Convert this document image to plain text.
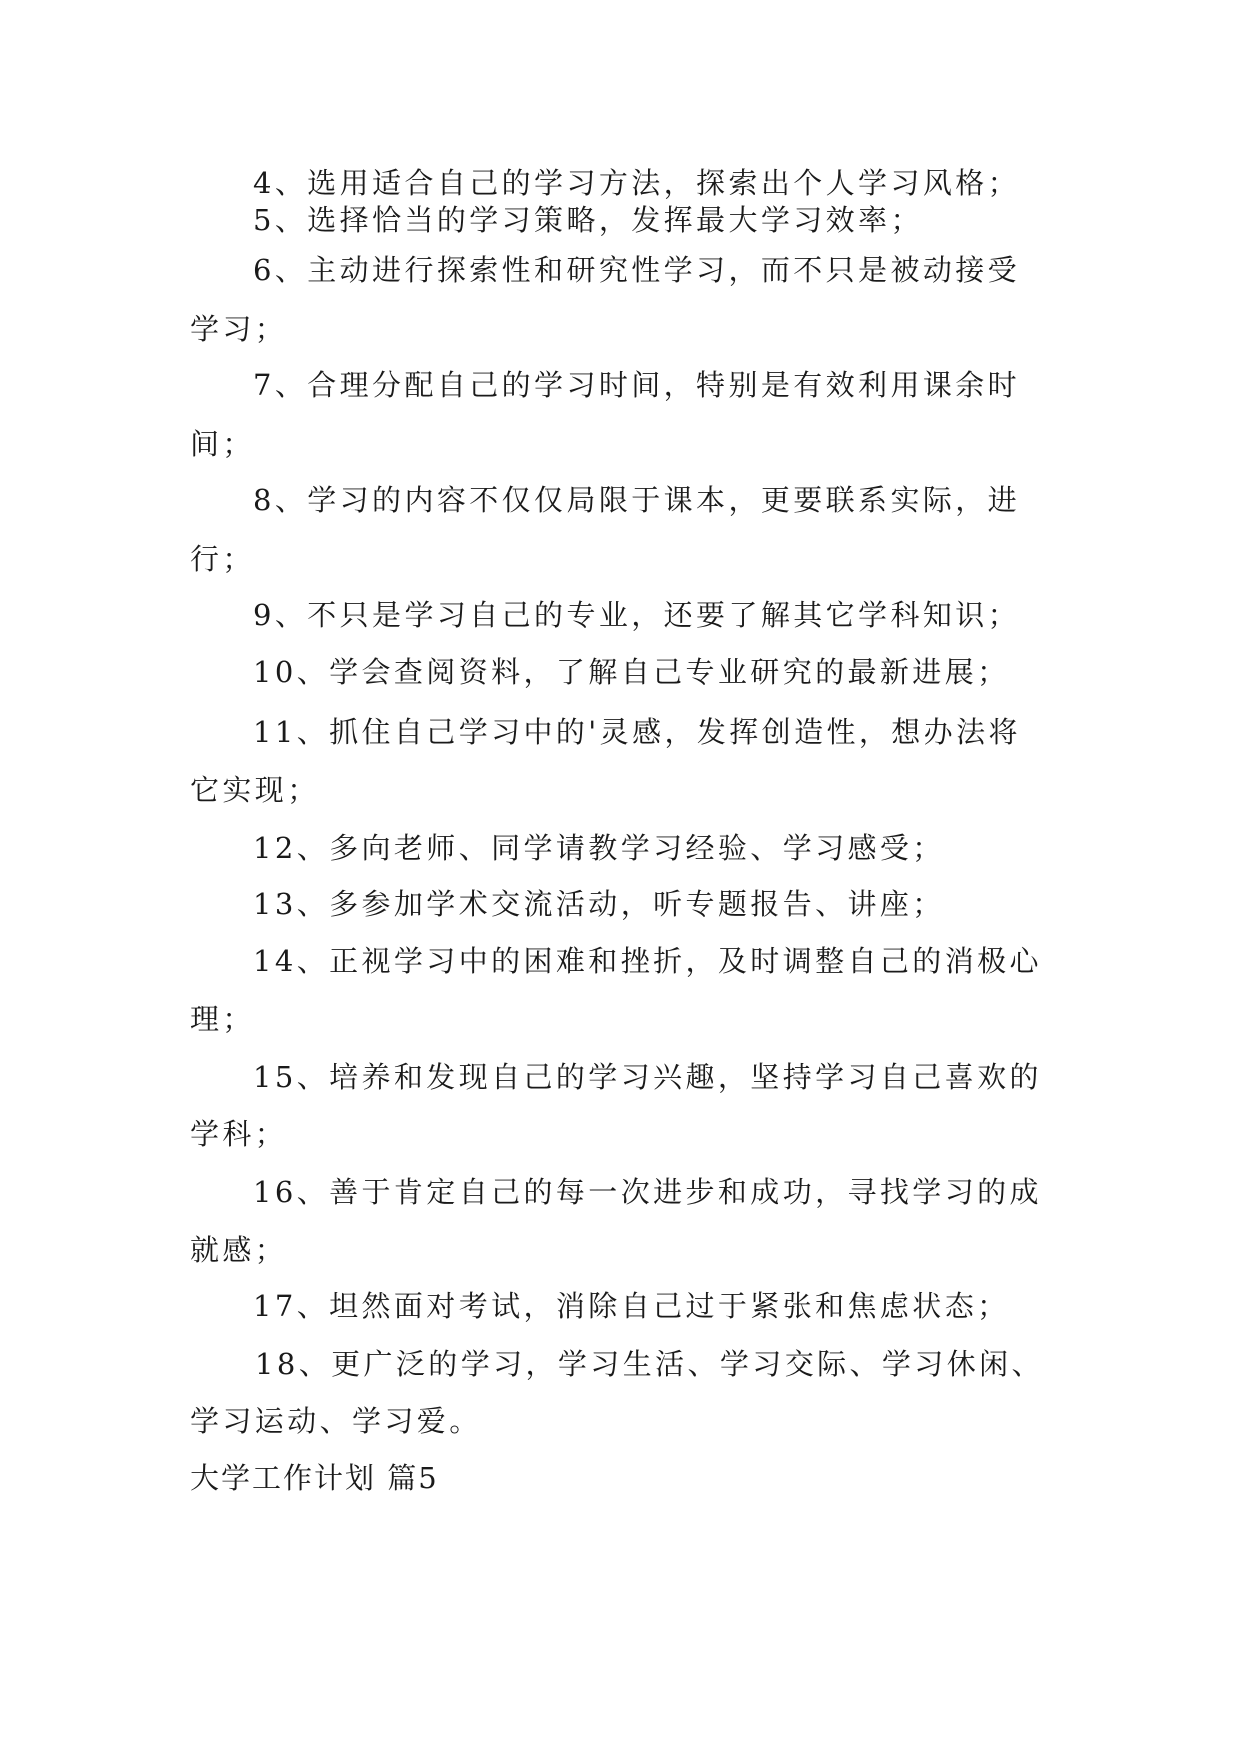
4、选用适合自己的学习方法，探索出个人学习风格；
5、选择恰当的学习策略，发挥最大学习效率；
6、主动进行探索性和研究性学习，而不只是被动接受
学习；
7、合理分配自己的学习时间，特别是有效利用课余时
间；
8、学习的内容不仅仅局限于课本，更要联系实际，进
行；
9、不只是学习自己的专业，还要了解其它学科知识；
10、学会查阅资料，了解自己专业研究的最新进展；
11、抓住自己学习中的'灵感，发挥创造性，想办法将
它实现；
12、多向老师、同学请教学习经验、学习感受；
13、多参加学术交流活动，听专题报告、讲座；
14、正视学习中的困难和挫折，及时调整自己的消极心
理；
15、培养和发现自己的学习兴趣，坚持学习自己喜欢的
学科；
16、善于肯定自己的每一次进步和成功，寻找学习的成
就感；
17、坦然面对考试，消除自己过于紧张和焦虑状态；
18、更广泛的学习，学习生活、学习交际、学习休闲、
学习运动、学习爱。
大学工作计划 篇5
